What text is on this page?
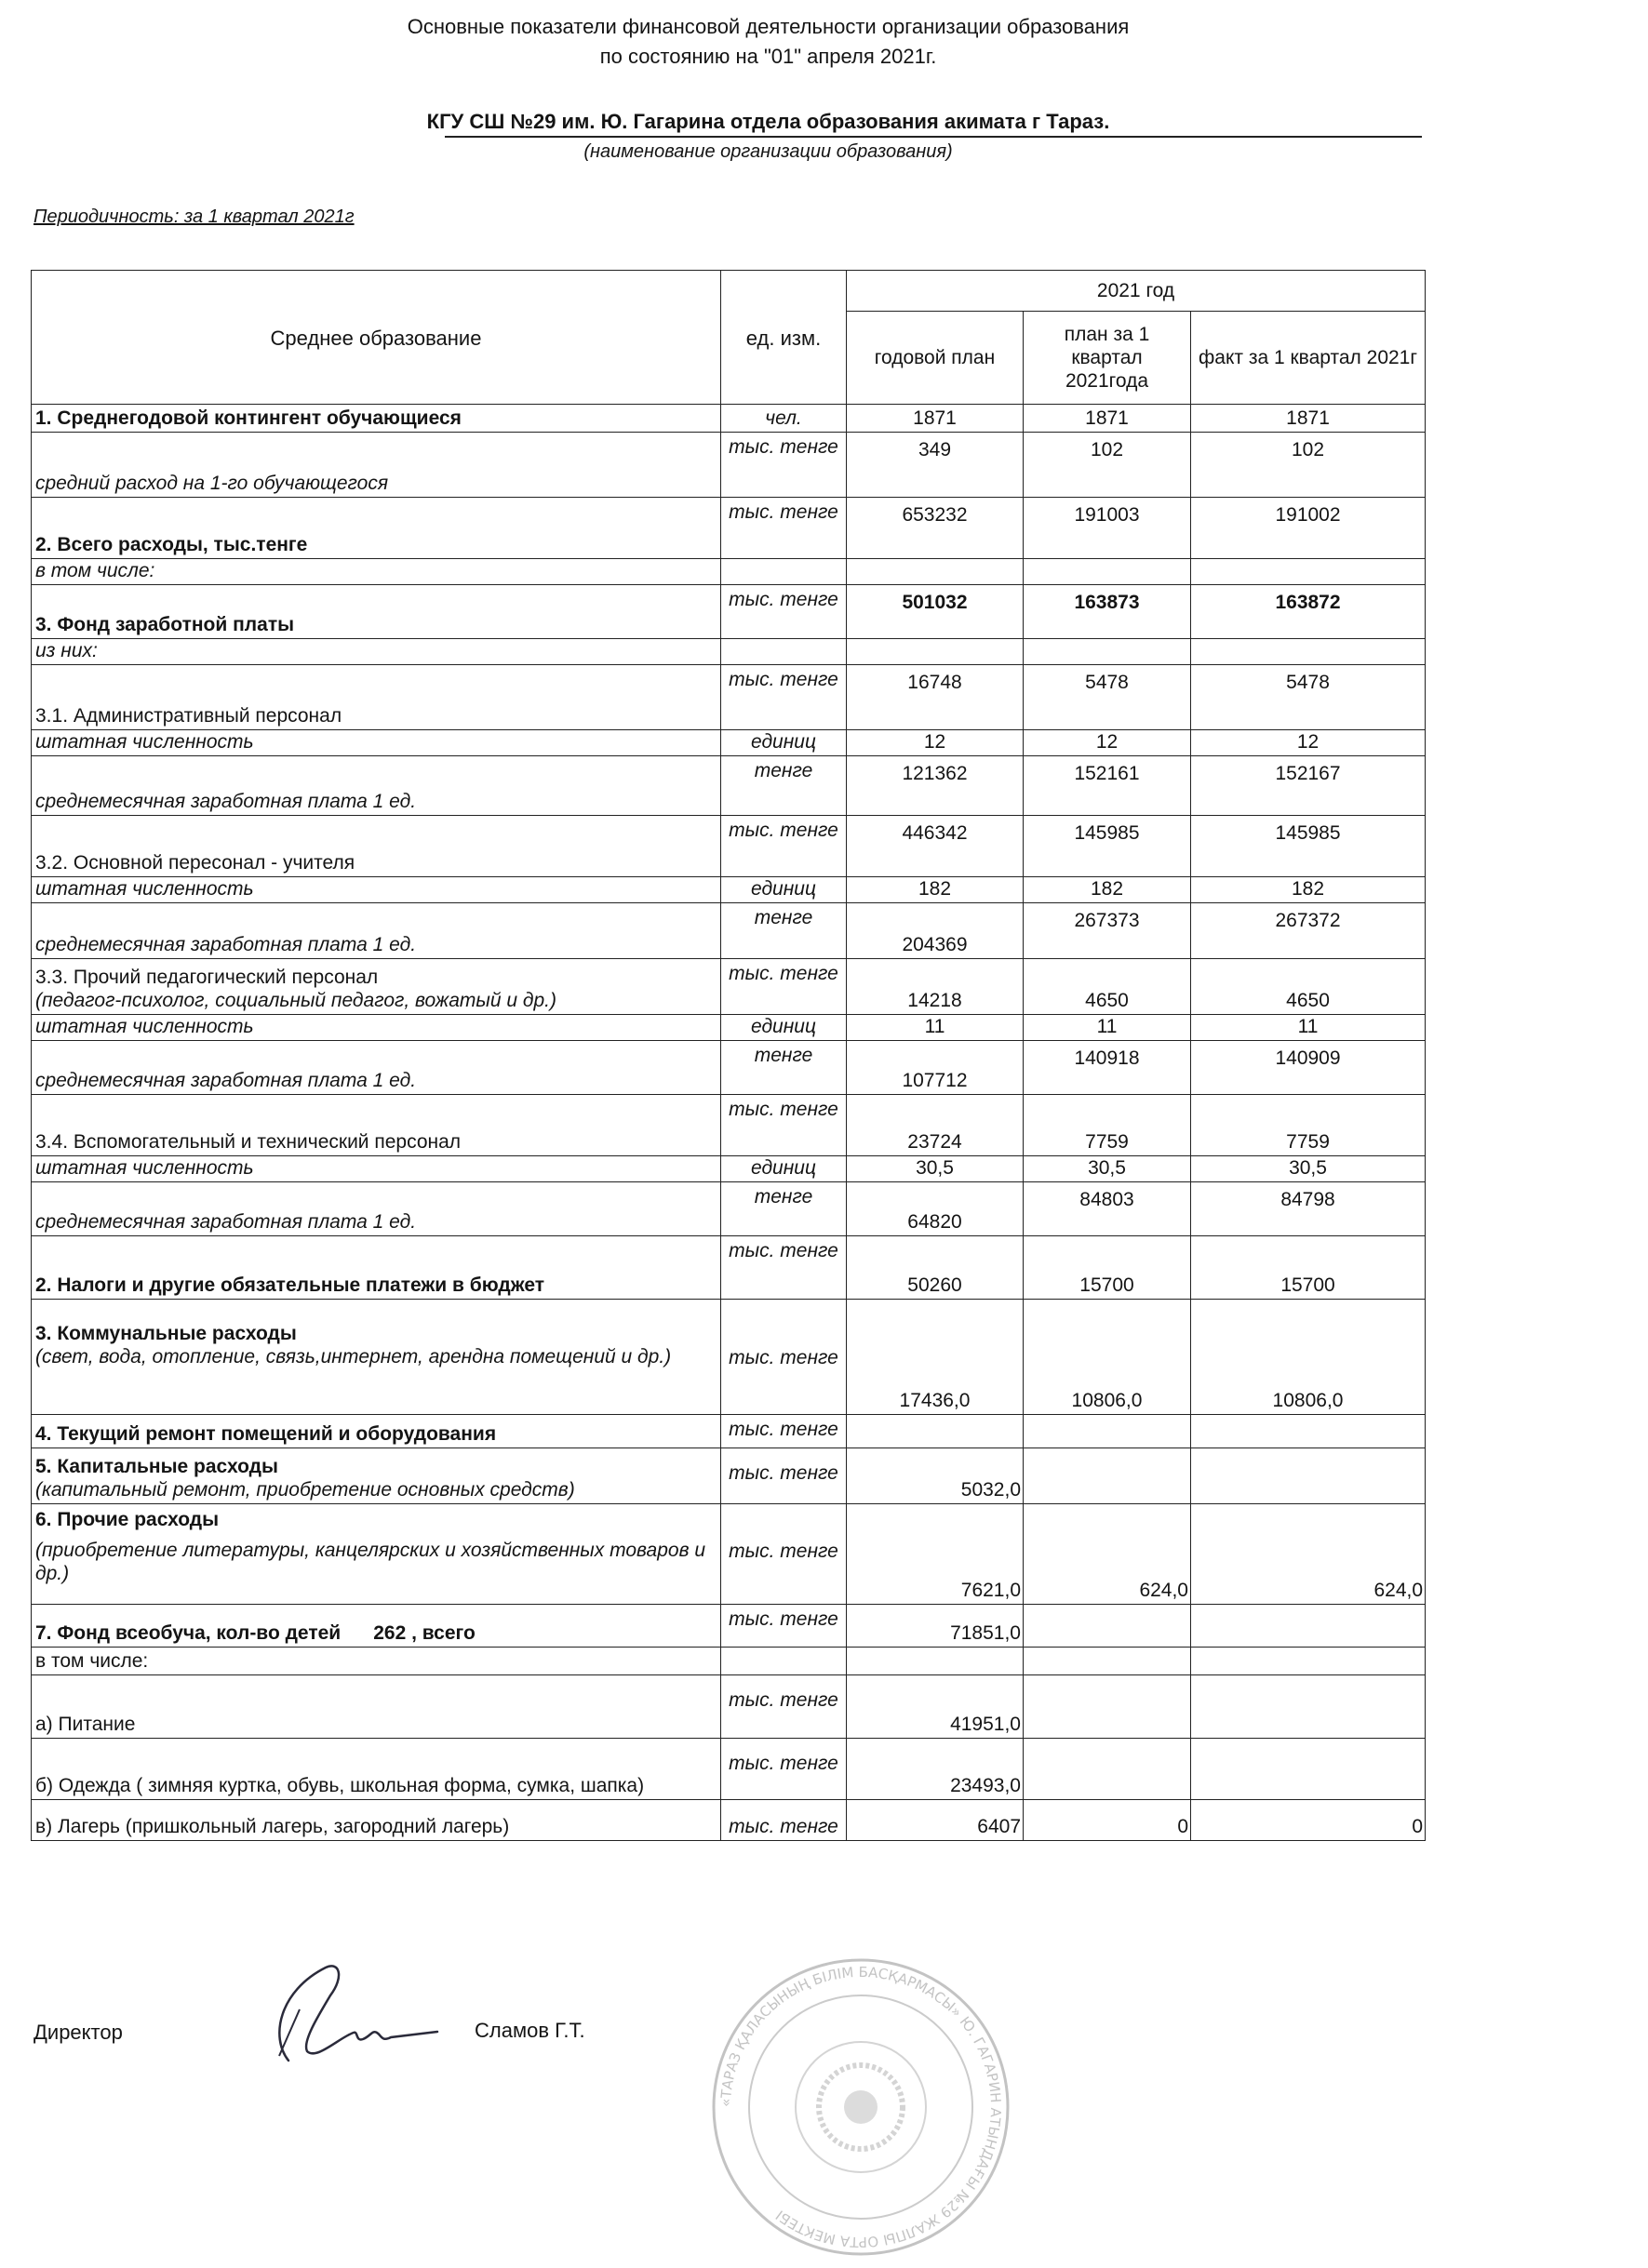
Основные показатели финансовой деятельности организации образования
по состоянию на "01" апреля 2021г.
КГУ СШ №29 им. Ю. Гагарина отдела образования акимата г Тараз.
(наименование организации образования)
Периодичность: за 1 квартал 2021г
Среднее образование	ед. изм.	2021 год		
		годовой план	план за 1 квартал 2021года	факт за 1 квартал 2021г
1. Среднегодовой контингент обучающиеся	чел.	1871	1871	1871
средний расход на 1-го обучающегося	тыс. тенге	349	102	102
2. Всего расходы, тыс.тенге	тыс. тенге	653232	191003	191002
в том числе:				
3. Фонд заработной платы	тыс. тенге	501032	163873	163872
из них:				
3.1. Административный персонал	тыс. тенге	16748	5478	5478
штатная численность	единиц	12	12	12
среднемесячная заработная плата 1 ед.	тенге	121362	152161	152167
3.2. Основной пересонал - учителя	тыс. тенге	446342	145985	145985
штатная численность	единиц	182	182	182
среднемесячная заработная плата 1 ед.	тенге	204369	267373	267372

3.3. Прочий педагогический персонал
(педагог-психолог, социальный педагог, вожатый и др.)	тыс. тенге	14218	4650	4650
штатная численность	единиц	11	11	11
среднемесячная заработная плата 1 ед.	тенге	107712	140918	140909
3.4. Вспомогательный и технический персонал	тыс. тенге	23724	7759	7759
штатная численность	единиц	30,5	30,5	30,5
среднемесячная заработная плата 1 ед.	тенге	64820	84803	84798
2. Налоги и другие обязательные платежи в бюджет	тыс. тенге	50260	15700	15700

3. Коммунальные расходы
(свет, вода, отопление, связь,интернет, арендна помещений и др.)	тыс. тенге	17436,0	10806,0	10806,0
4. Текущий ремонт помещений и оборудования	тыс. тенге			

5. Капитальные расходы
(капитальный ремонт, приобретение основных средств)	тыс. тенге	5032,0		

6. Прочие расходы
(приобретение литературы, канцелярских и хозяйственных товаров и др.)	тыс. тенге	7621,0	624,0	624,0
7. Фонд всеобуча, кол-во детей      262 , всего	тыс. тенге	71851,0		
в том числе:				
а) Питание	тыс. тенге	41951,0		
б) Одежда ( зимняя куртка, обувь, школьная форма, сумка, шапка)	тыс. тенге	23493,0		
в) Лагерь (пришкольный лагерь, загородний лагерь)	тыс. тенге	6407	0	0
Директор	Сламов Г.Т.
«ТАРАЗ ҚАЛАСЫНЫҢ БІЛІМ БАСҚАРМАСЫ» Ю. ГАГАРИН АТЫНДАҒЫ №29 ЖАЛПЫ ОРТА МЕКТЕБІ
